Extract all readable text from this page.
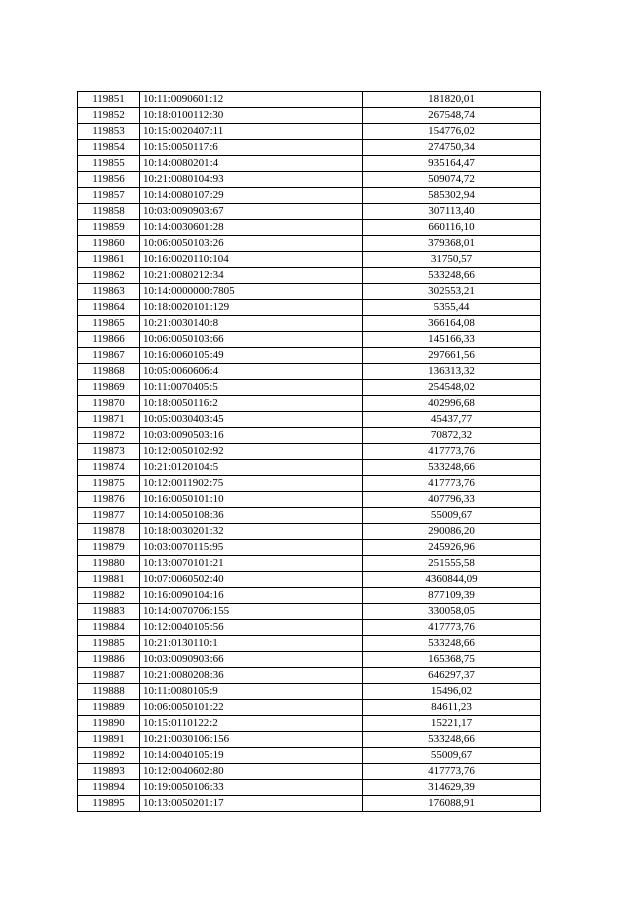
119851	10:11:0090601:12	181820,01
119852	10:18:0100112:30	267548,74
119853	10:15:0020407:11	154776,02
119854	10:15:0050117:6	274750,34
119855	10:14:0080201:4	935164,47
119856	10:21:0080104:93	509074,72
119857	10:14:0080107:29	585302,94
119858	10:03:0090903:67	307113,40
119859	10:14:0030601:28	660116,10
119860	10:06:0050103:26	379368,01
119861	10:16:0020110:104	31750,57
119862	10:21:0080212:34	533248,66
119863	10:14:0000000:7805	302553,21
119864	10:18:0020101:129	5355,44
119865	10:21:0030140:8	366164,08
119866	10:06:0050103:66	145166,33
119867	10:16:0060105:49	297661,56
119868	10:05:0060606:4	136313,32
119869	10:11:0070405:5	254548,02
119870	10:18:0050116:2	402996,68
119871	10:05:0030403:45	45437,77
119872	10:03:0090503:16	70872,32
119873	10:12:0050102:92	417773,76
119874	10:21:0120104:5	533248,66
119875	10:12:0011902:75	417773,76
119876	10:16:0050101:10	407796,33
119877	10:14:0050108:36	55009,67
119878	10:18:0030201:32	290086,20
119879	10:03:0070115:95	245926,96
119880	10:13:0070101:21	251555,58
119881	10:07:0060502:40	4360844,09
119882	10:16:0090104:16	877109,39
119883	10:14:0070706:155	330058,05
119884	10:12:0040105:56	417773,76
119885	10:21:0130110:1	533248,66
119886	10:03:0090903:66	165368,75
119887	10:21:0080208:36	646297,37
119888	10:11:0080105:9	15496,02
119889	10:06:0050101:22	84611,23
119890	10:15:0110122:2	15221,17
119891	10:21:0030106:156	533248,66
119892	10:14:0040105:19	55009,67
119893	10:12:0040602:80	417773,76
119894	10:19:0050106:33	314629,39
119895	10:13:0050201:17	176088,91
